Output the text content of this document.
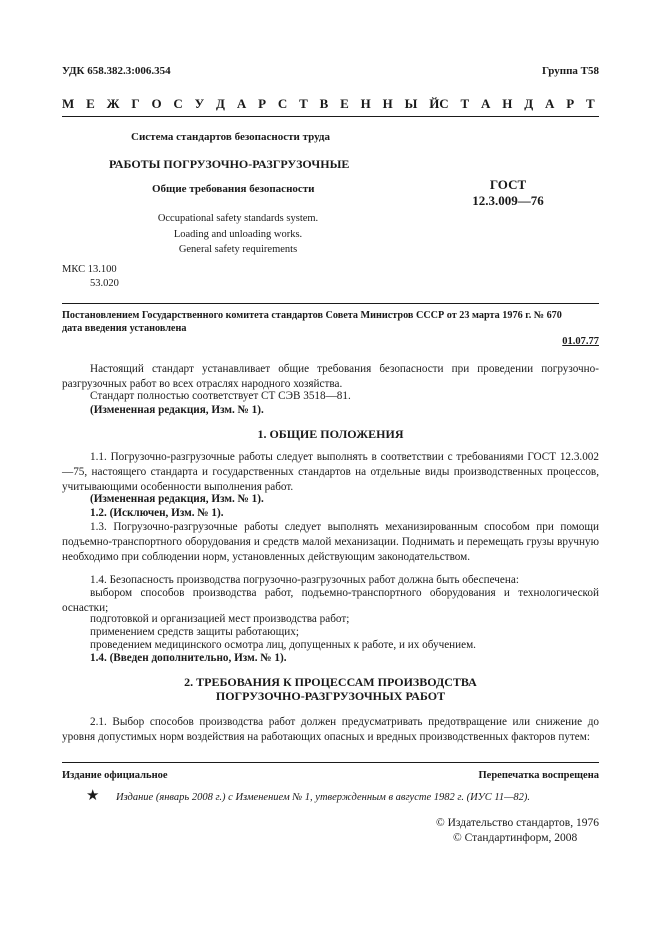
УДК 658.382.3:006.354	Группа Т58
М Е Ж Г О С У Д А Р С Т В Е Н Н Ы Й
С Т А Н Д А Р Т
Система стандартов безопасности труда
РАБОТЫ ПОГРУЗОЧНО-РАЗГРУЗОЧНЫЕ
Общие требования безопасности
Occupational safety standards system.
Loading and unloading works.
General safety requirements
ГОСТ
12.3.009—76
МКС 13.100
53.020
Постановлением Государственного комитета стандартов Совета Министров СССР от 23 марта 1976 г. № 670
дата введения установлена
01.07.77
Настоящий стандарт устанавливает общие требования безопасности при проведении погрузочно-разгрузочных работ во всех отраслях народного хозяйства.
Стандарт полностью соответствует СТ СЭВ 3518—81.
(Измененная редакция, Изм. № 1).
1. ОБЩИЕ ПОЛОЖЕНИЯ
1.1. Погрузочно-разгрузочные работы следует выполнять в соответствии с требованиями ГОСТ 12.3.002—75, настоящего стандарта и государственных стандартов на отдельные виды производственных процессов, учитывающими особенности выполнения работ.
(Измененная редакция, Изм. № 1).
1.2. (Исключен, Изм. № 1).
1.3. Погрузочно-разгрузочные работы следует выполнять механизированным способом при помощи подъемно-транспортного оборудования и средств малой механизации. Поднимать и перемещать грузы вручную необходимо при соблюдении норм, установленных действующим законодательством.
1.4. Безопасность производства погрузочно-разгрузочных работ должна быть обеспечена:
выбором способов производства работ, подъемно-транспортного оборудования и технологической оснастки;
подготовкой и организацией мест производства работ;
применением средств защиты работающих;
проведением медицинского осмотра лиц, допущенных к работе, и их обучением.
1.4. (Введен дополнительно, Изм. № 1).
2. ТРЕБОВАНИЯ К ПРОЦЕССАМ ПРОИЗВОДСТВА
ПОГРУЗОЧНО-РАЗГРУЗОЧНЫХ РАБОТ
2.1. Выбор способов производства работ должен предусматривать предотвращение или снижение до уровня допустимых норм воздействия на работающих опасных и вредных производственных факторов путем:
Издание официальное	Перепечатка воспрещена
★ Издание (январь 2008 г.) с Изменением № 1, утвержденным в августе 1982 г. (ИУС 11—82).
© Издательство стандартов, 1976
© Стандартинформ, 2008
